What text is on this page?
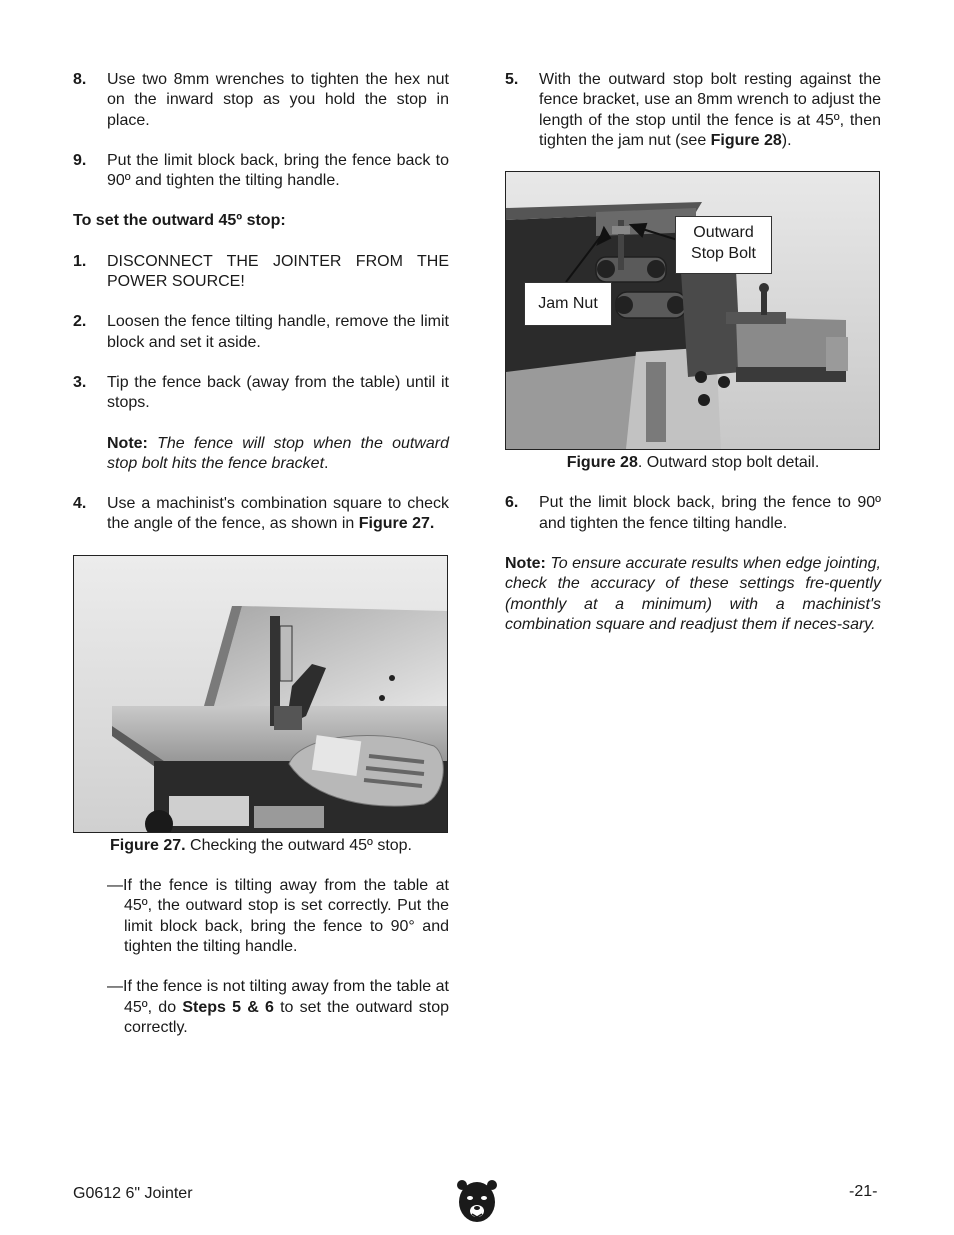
8. Use two 8mm wrenches to tighten the hex nut on the inward stop as you hold the stop in place.

9. Put the limit block back, bring the fence back to 90º and tighten the tilting handle.

To set the outward 45º stop:
1. DISCONNECT THE JOINTER FROM THE POWER SOURCE!

2. Loosen the fence tilting handle, remove the limit block and set it aside.

3. Tip the fence back (away from the table) until it stops.

Note: The fence will stop when the outward stop bolt hits the fence bracket.

4. Use a machinist's combination square to check the angle of the fence, as shown in Figure 27.

Figure 27. Checking the outward 45º stop.
—If the fence is tilting away from the table at 45º, the outward stop is set correctly. Put the limit block back, bring the fence to 90° and tighten the tilting handle.
—If the fence is not tilting away from the table at 45º, do Steps 5 & 6 to set the outward stop correctly.
5. With the outward stop bolt resting against the fence bracket, use an 8mm wrench to adjust the length of the stop until the fence is at 45º, then tighten the jam nut (see Figure 28).

Outward
Stop Bolt
Jam Nut
Figure 28. Outward stop bolt detail.
6. Put the limit block back, bring the fence to 90º and tighten the fence tilting handle.

Note: To ensure accurate results when edge jointing, check the accuracy of these settings fre-quently (monthly at a minimum) with a machinist's combination square and readjust them if neces-sary.

G0612 6" Jointer	-21-
